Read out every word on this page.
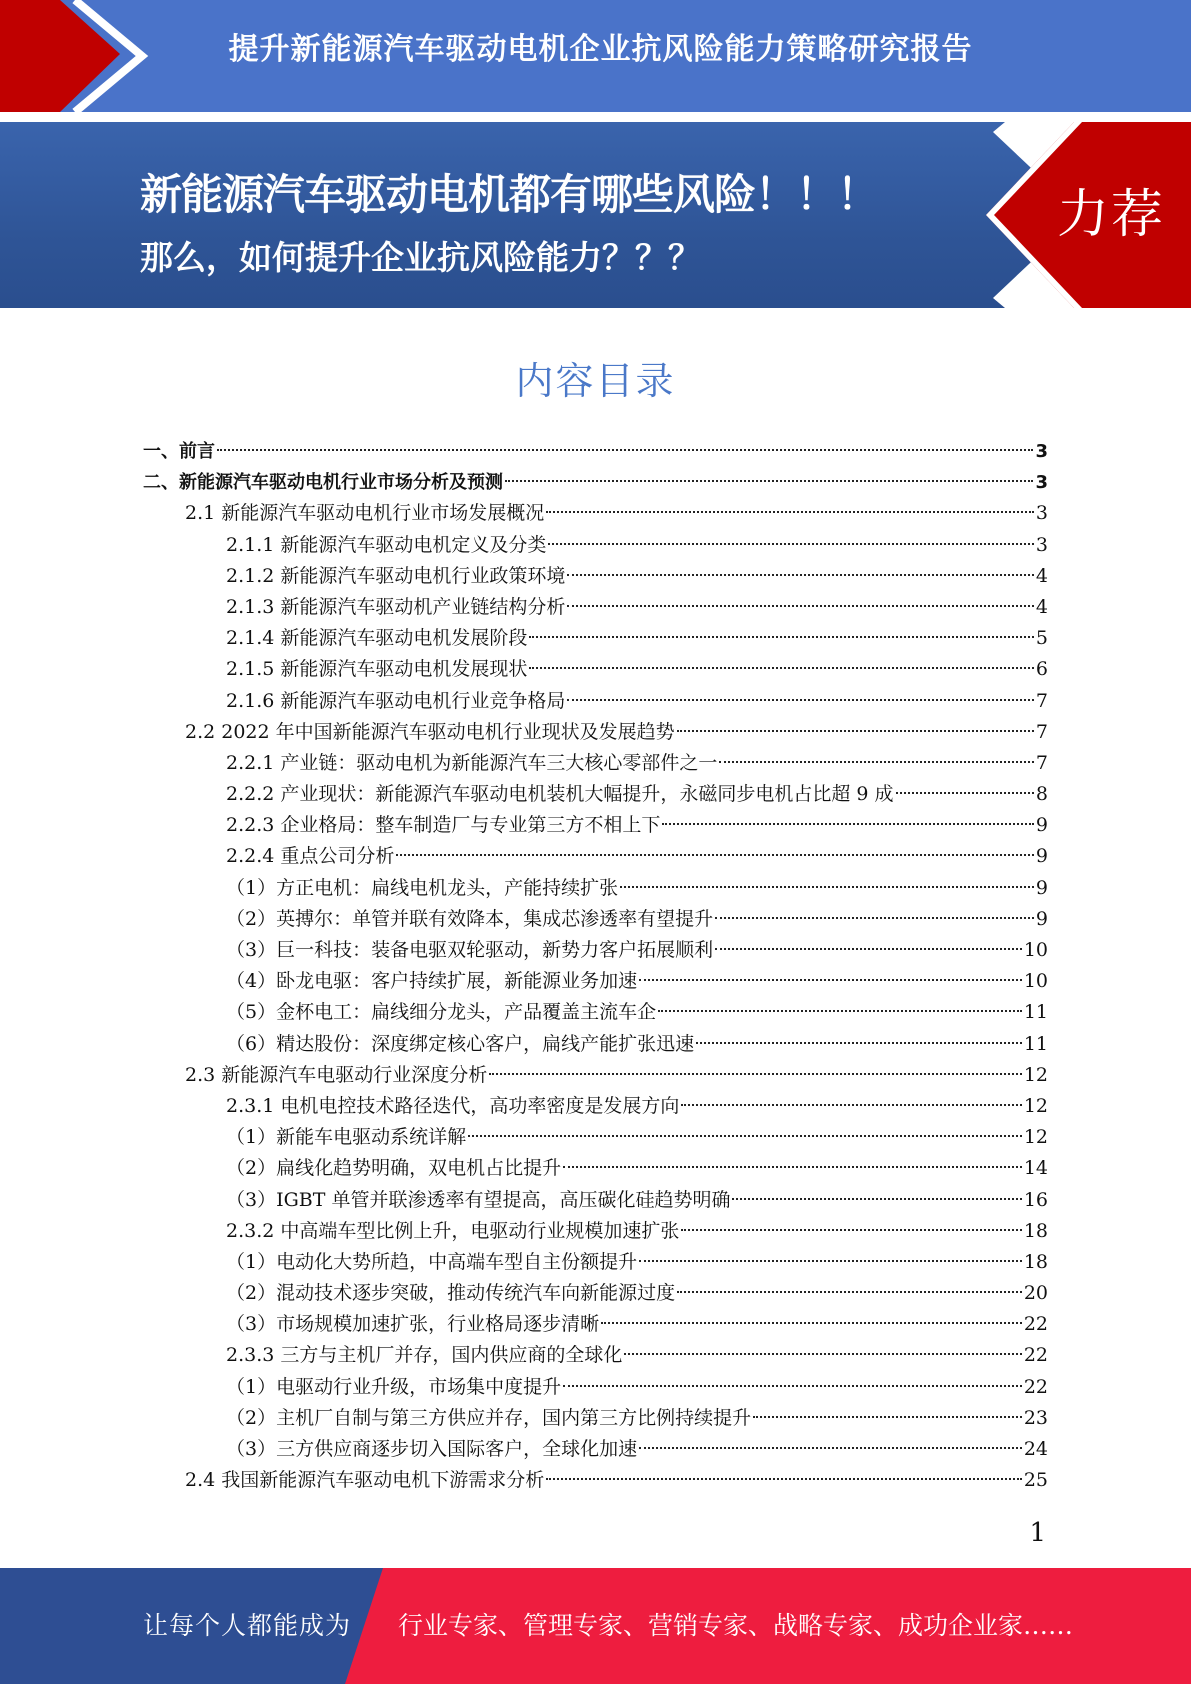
提升新能源汽车驱动电机企业抗风险能力策略研究报告
新能源汽车驱动电机都有哪些风险！！！
那么，如何提升企业抗风险能力？？？
力荐
内容目录
一、前言	3
二、新能源汽车驱动电机行业市场分析及预测	3
2.1 新能源汽车驱动电机行业市场发展概况	3
2.1.1 新能源汽车驱动电机定义及分类	3
2.1.2 新能源汽车驱动电机行业政策环境	4
2.1.3 新能源汽车驱动机产业链结构分析	4
2.1.4 新能源汽车驱动电机发展阶段	5
2.1.5 新能源汽车驱动电机发展现状	6
2.1.6 新能源汽车驱动电机行业竞争格局	7
2.2 2022 年中国新能源汽车驱动电机行业现状及发展趋势	7
2.2.1 产业链：驱动电机为新能源汽车三大核心零部件之一	7
2.2.2 产业现状：新能源汽车驱动电机装机大幅提升，永磁同步电机占比超 9 成	8
2.2.3 企业格局：整车制造厂与专业第三方不相上下	9
2.2.4 重点公司分析	9
（1）方正电机：扁线电机龙头，产能持续扩张	9
（2）英搏尔：单管并联有效降本，集成芯渗透率有望提升	9
（3）巨一科技：装备电驱双轮驱动，新势力客户拓展顺利	10
（4）卧龙电驱：客户持续扩展，新能源业务加速	10
（5）金杯电工：扁线细分龙头，产品覆盖主流车企	11
（6）精达股份：深度绑定核心客户，扁线产能扩张迅速	11
2.3 新能源汽车电驱动行业深度分析	12
2.3.1 电机电控技术路径迭代，高功率密度是发展方向	12
（1）新能车电驱动系统详解	12
（2）扁线化趋势明确，双电机占比提升	14
（3）IGBT 单管并联渗透率有望提高，高压碳化硅趋势明确	16
2.3.2 中高端车型比例上升，电驱动行业规模加速扩张	18
（1）电动化大势所趋，中高端车型自主份额提升	18
（2）混动技术逐步突破，推动传统汽车向新能源过度	20
（3）市场规模加速扩张，行业格局逐步清晰	22
2.3.3 三方与主机厂并存，国内供应商的全球化	22
（1）电驱动行业升级，市场集中度提升	22
（2）主机厂自制与第三方供应并存，国内第三方比例持续提升	23
（3）三方供应商逐步切入国际客户，全球化加速	24
2.4 我国新能源汽车驱动电机下游需求分析	25
1
让每个人都能成为 行业专家、管理专家、营销专家、战略专家、成功企业家……
